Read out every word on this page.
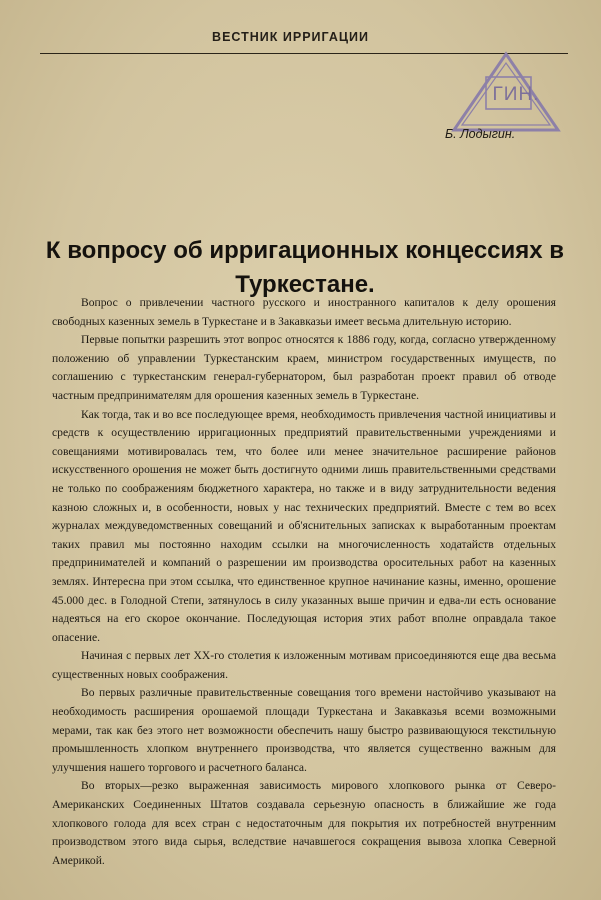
ВЕСТНИК ИРРИГАЦИИ
ГИН.
Б. Лодыгин.
К вопросу об ирригационных концессиях в Туркестане.

Вопрос о привлечении частного русского и иностранного капиталов к делу орошения свободных казенных земель в Туркестане и в Закавказьи имеет весьма длительную историю.

Первые попытки разрешить этот вопрос относятся к 1886 году, когда, согласно утвержденному положению об управлении Туркестанским краем, министром государственных имуществ, по соглашению с туркестанским генерал-губернатором, был разработан проект правил об отводе частным предпринимателям для орошения казенных земель в Туркестане.

Как тогда, так и во все последующее время, необходимость привлечения частной инициативы и средств к осуществлению ирригационных предприятий правительственными учреждениями и совещаниями мотивировалась тем, что более или менее значительное расширение районов искусственного орошения не может быть достигнуто одними лишь правительственными средствами не только по соображениям бюджетного характера, но также и в виду затруднительности ведения казною сложных и, в особенности, новых у нас технических предприятий. Вместе с тем во всех журналах междуведомственных совещаний и об'яснительных записках к выработанным проектам таких правил мы постоянно находим ссылки на многочисленность ходатайств отдельных предпринимателей и компаний о разрешении им производства оросительных работ на казенных землях. Интересна при этом ссылка, что единственное крупное начинание казны, именно, орошение 45.000 дес. в Голодной Степи, затянулось в силу указанных выше причин и едва-ли есть основание надеяться на его скорое окончание. Последующая история этих работ вполне оправдала такое опасение.

Начиная с первых лет XX-го столетия к изложенным мотивам присоединяются еще два весьма существенных новых соображения.

Во первых различные правительственные совещания того времени настойчиво указывают на необходимость расширения орошаемой площади Туркестана и Закавказья всеми возможными мерами, так как без этого нет возможности обеспечить нашу быстро развивающуюся текстильную промышленность хлопком внутреннего производства, что является существенно важным для улучшения нашего торгового и расчетного баланса.

Во вторых—резко выраженная зависимость мирового хлопкового рынка от Северо-Американских Соединенных Штатов создавала серьезную опасность в ближайшие же года хлопкового голода для всех стран с недостаточным для покрытия их потребностей внутренним производством этого вида сырья, вследствие начавшегося сокращения вывоза хлопка Северной Америкой.
